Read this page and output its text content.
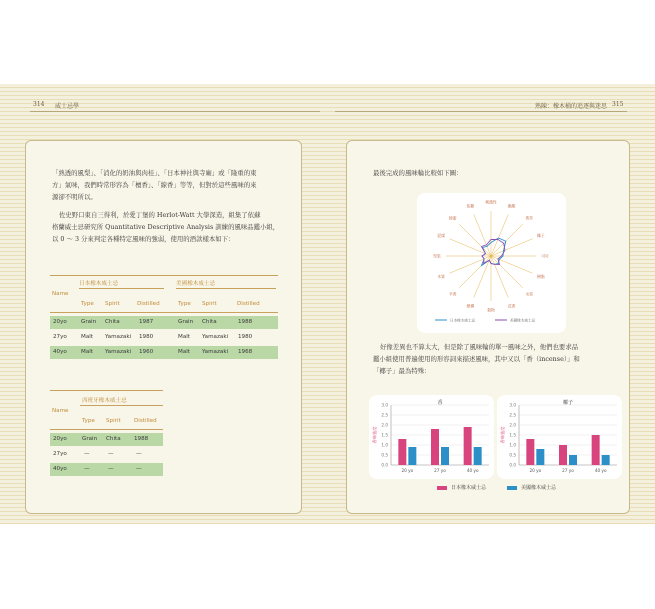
314 威士忌學	熟陳：橡木桶的追逐與迷思 315
「熟透的風梨」、「消化的奶油與肉桂」、「日本神社與寺廟」或「隆重的東
方」氣味，我們時常形容為「檀香」、「線香」等等，但對於這些風味的來
源卻不明所以。
佐史野口東自三得利，於愛丁堡的 Herlot-Watt 大學深造，組集了依蘇
格蘭威士忌研究所 Quantitative Descriptive Analysis 訓練的風味品鑑小組，
以 0 ～ 3 分來判定各種特定風味的強弱，使用的酒款樣本如下：
日本橡木威士忌	美國橡木威士忌
Name
Type Spirit	Distilled	Type Spirit	Distilled
20yo	Grain Chita	1987	Grain Chita	1988
27yo	Malt Yamazaki 1980	Malt Yamazaki 1980
40yo	Malt Yamazaki 1960	Malt Yamazaki 1968
西班牙橡木威士忌
Name
Type Spirit Distilled
20yo	Grain Chita 1988
27yo	—	—	—
40yo	—	—	—
最後完成的風味輪比較如下圖：
刺激性
酯類
香草
椰子
可可
樹脂
水果
花香
穀物
煙燻
辛香
木質
堅果
泥煤
蜂蜜
焦糖
日本橡木威士忌	美國橡木威士忌
好像差異也不算太大，但是除了風味輪的單一風味之外，他們也要求品
鑑小組使用普遍使用的形容詞來描述風味，其中又以「香（incense）」和
「椰子」最為特殊：
0.0
0.5
1.0
1.5
2.0
2.5
3.0
香味強度
香
20 yo	27 yo	40 yo
0.0
0.5
1.0
1.5
2.0
2.5
3.0
香味強度
椰子
20 yo	27 yo	40 yo
日本橡木威士忌	美國橡木威士忌
